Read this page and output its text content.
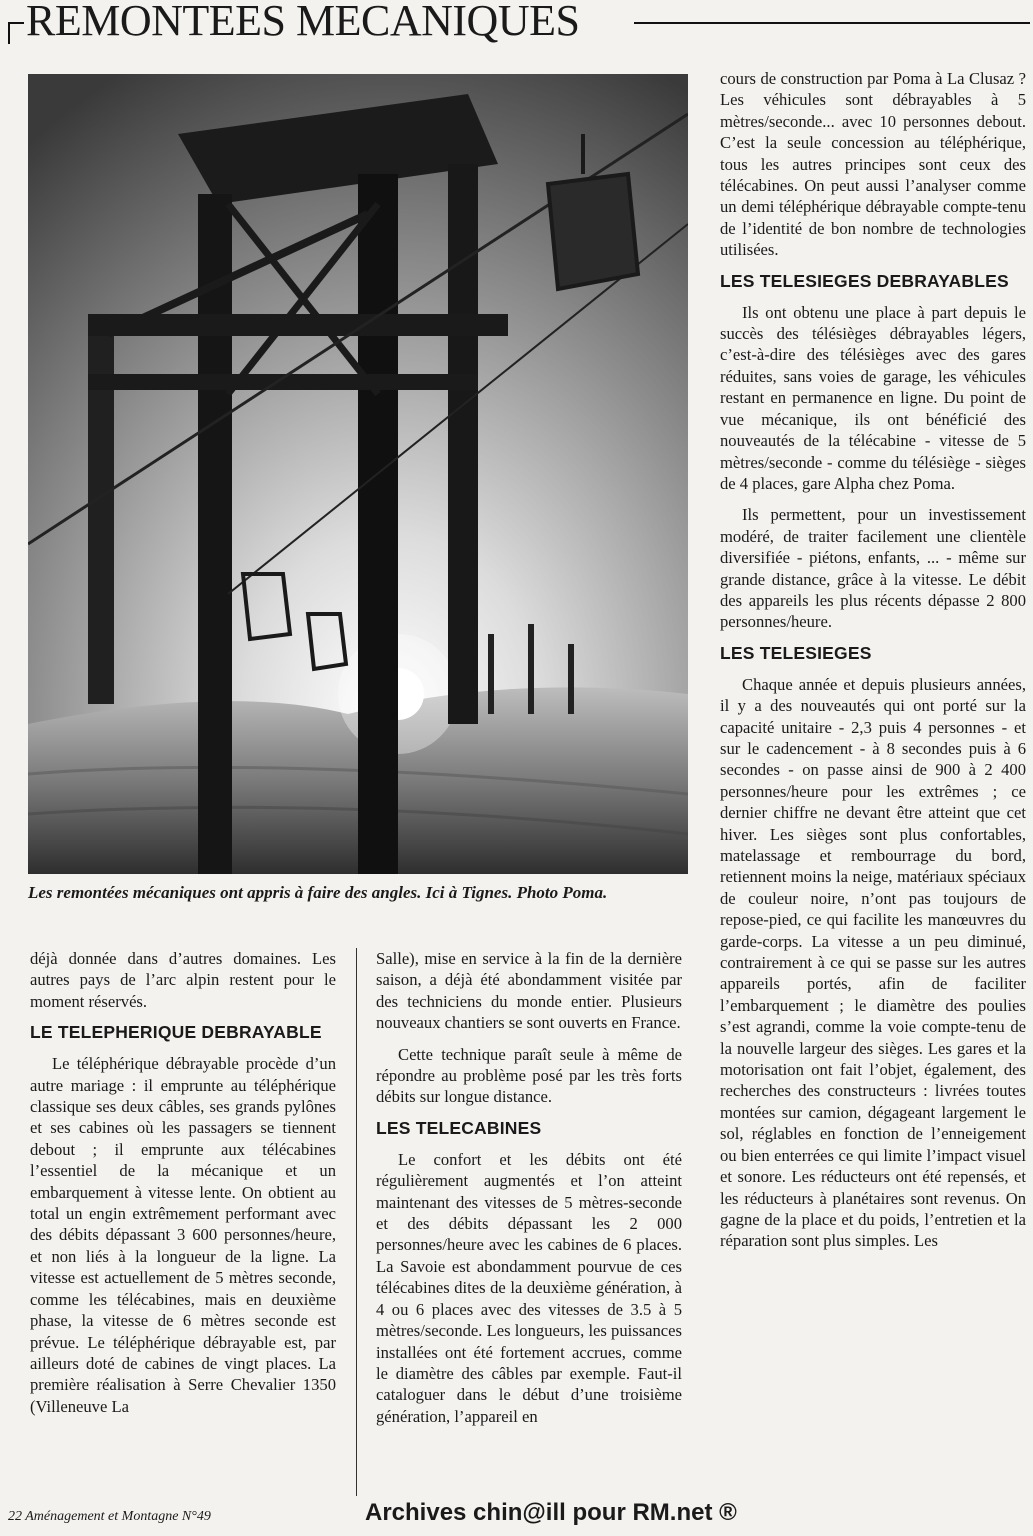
REMONTEES MECANIQUES

Les remontées mécaniques ont appris à faire des angles. Ici à Tignes. Photo Poma.

déjà donnée dans d’autres domaines. Les autres pays de l’arc alpin restent pour le moment réservés.

LE TELEPHERIQUE DEBRAYABLE

Le téléphérique débrayable procède d’un autre mariage : il emprunte au téléphérique classique ses deux câbles, ses grands pylônes et ses cabines où les passagers se tiennent debout ; il emprunte aux télécabines l’essentiel de la mécanique et un embarquement à vitesse lente. On obtient au total un engin extrêmement performant avec des débits dépassant 3 600 personnes/heure, et non liés à la longueur de la ligne. La vitesse est actuellement de 5 mètres seconde, comme les télécabines, mais en deuxième phase, la vitesse de 6 mètres seconde est prévue. Le téléphérique débrayable est, par ailleurs doté de cabines de vingt places. La première réalisation à Serre Chevalier 1350 (Villeneuve La

Salle), mise en service à la fin de la dernière saison, a déjà été abondamment visitée par des techniciens du monde entier. Plusieurs nouveaux chantiers se sont ouverts en France.

Cette technique paraît seule à même de répondre au problème posé par les très forts débits sur longue distance.

LES TELECABINES

Le confort et les débits ont été régulièrement augmentés et l’on atteint maintenant des vitesses de 5 mètres-seconde et des débits dépassant les 2 000 personnes/heure avec les cabines de 6 places. La Savoie est abondamment pourvue de ces télécabines dites de la deuxième génération, à 4 ou 6 places avec des vitesses de 3.5 à 5 mètres/seconde. Les longueurs, les puissances installées ont été fortement accrues, comme le diamètre des câbles par exemple. Faut-il cataloguer dans le début d’une troisième génération, l’appareil en

cours de construction par Poma à La Clusaz ? Les véhicules sont débrayables à 5 mètres/seconde... avec 10 personnes debout. C’est la seule concession au téléphérique, tous les autres principes sont ceux des télécabines. On peut aussi l’analyser comme un demi téléphérique débrayable compte-tenu de l’identité de bon nombre de technologies utilisées.

LES TELESIEGES DEBRAYABLES

Ils ont obtenu une place à part depuis le succès des télésièges débrayables légers, c’est-à-dire des télésièges avec des gares réduites, sans voies de garage, les véhicules restant en permanence en ligne. Du point de vue mécanique, ils ont bénéficié des nouveautés de la télécabine - vitesse de 5 mètres/seconde - comme du télésiège - sièges de 4 places, gare Alpha chez Poma.

Ils permettent, pour un investissement modéré, de traiter facilement une clientèle diversifiée - piétons, enfants, ... - même sur grande distance, grâce à la vitesse. Le débit des appareils les plus récents dépasse 2 800 personnes/heure.

LES TELESIEGES

Chaque année et depuis plusieurs années, il y a des nouveautés qui ont porté sur la capacité unitaire - 2,3 puis 4 personnes - et sur le cadencement - à 8 secondes puis à 6 secondes - on passe ainsi de 900 à 2 400 personnes/heure pour les extrêmes ; ce dernier chiffre ne devant être atteint que cet hiver. Les sièges sont plus confortables, matelassage et rembourrage du bord, retiennent moins la neige, matériaux spéciaux de couleur noire, n’ont pas toujours de repose-pied, ce qui facilite les manœuvres du garde-corps. La vitesse a un peu diminué, contrairement à ce qui se passe sur les autres appareils portés, afin de faciliter l’embarquement ; le diamètre des poulies s’est agrandi, comme la voie compte-tenu de la nouvelle largeur des sièges. Les gares et la motorisation ont fait l’objet, également, des recherches des constructeurs : livrées toutes montées sur camion, dégageant largement le sol, réglables en fonction de l’enneigement ou bien enterrées ce qui limite l’impact visuel et sonore. Les réducteurs ont été repensés, et les réducteurs à planétaires sont revenus. On gagne de la place et du poids, l’entretien et la réparation sont plus simples. Les

22 Aménagement et Montagne N°49	Archives chin@ill pour RM.net ®
